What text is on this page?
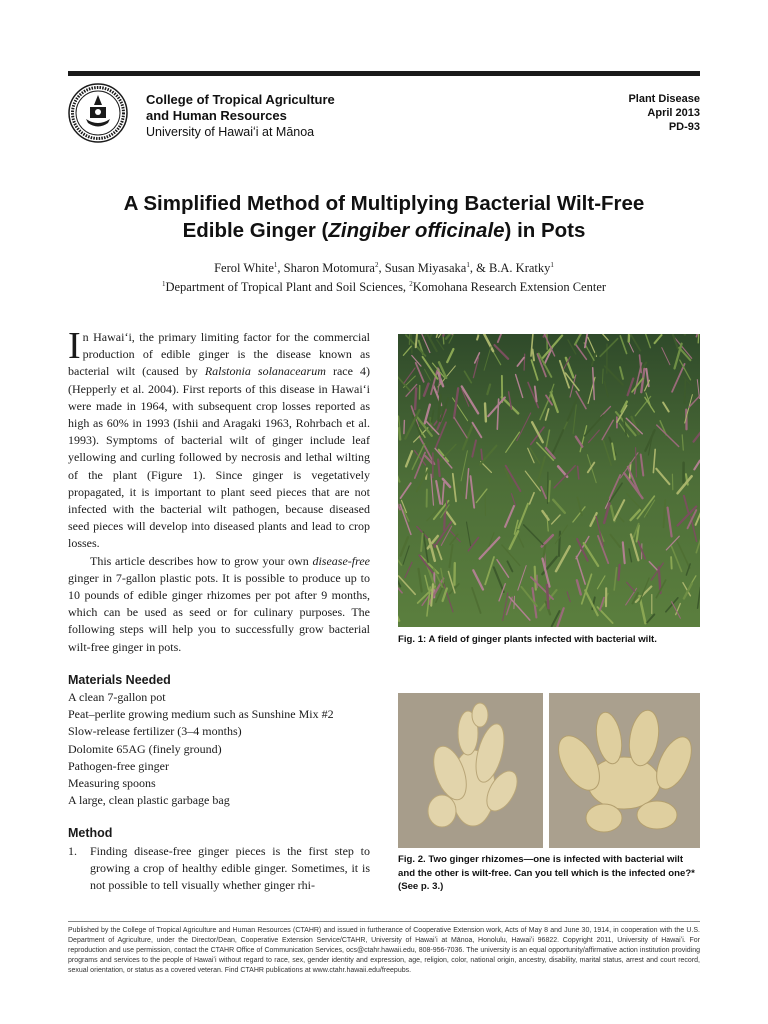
College of Tropical Agriculture
and Human Resources
University of Hawaiʻi at Mānoa
Plant Disease
April 2013
PD-93
A Simplified Method of Multiplying Bacterial Wilt-Free
Edible Ginger (Zingiber officinale) in Pots
Ferol White$^1$, Sharon Motomura$^2$, Susan Miyasaka$^1$, & B.A. Kratky$^1$
$^1$Department of Tropical Plant and Soil Sciences, $^2$Komohana Research Extension Center

In Hawaiʻi, the primary limiting factor for the commercial production of edible ginger is the disease known as bacterial wilt (caused by Ralstonia solanacearum race 4) (Hepperly et al. 2004). First reports of this disease in Hawaiʻi were made in 1964, with subsequent crop losses reported as high as 60% in 1993 (Ishii and Aragaki 1963, Rohrbach et al. 1993). Symptoms of bacterial wilt of ginger include leaf yellowing and curling followed by necrosis and lethal wilting of the plant (Figure 1). Since ginger is vegetatively propagated, it is important to plant seed pieces that are not infected with the bacterial wilt pathogen, because diseased seed pieces will develop into diseased plants and lead to crop losses.

This article describes how to grow your own disease-free ginger in 7-gallon plastic pots. It is possible to produce up to 10 pounds of edible ginger rhizomes per pot after 9 months, which can be used as seed or for culinary purposes. The following steps will help you to successfully grow bacterial wilt-free ginger in pots.

Materials Needed
A clean 7-gallon pot
Peat–perlite growing medium such as Sunshine Mix #2
Slow-release fertilizer (3–4 months)
Dolomite 65AG (finely ground)
Pathogen-free ginger
Measuring spoons
A large, clean plastic garbage bag
Method
1. Finding disease-free ginger pieces is the first step to growing a crop of healthy edible ginger. Sometimes, it is not possible to tell visually whether ginger rhi-
Fig. 1: A field of ginger plants infected with bacterial wilt.
Fig. 2. Two ginger rhizomes—one is infected with bacterial wilt and the other is wilt-free. Can you tell which is the infected one?* (See p. 3.)
Published by the College of Tropical Agriculture and Human Resources (CTAHR) and issued in furtherance of Cooperative Extension work, Acts of May 8 and June 30, 1914, in cooperation with the U.S. Department of Agriculture, under the Director/Dean, Cooperative Extension Service/CTAHR, University of Hawaiʻi at Mānoa, Honolulu, Hawaiʻi 96822. Copyright 2011, University of Hawaiʻi. For reproduction and use permission, contact the CTAHR Office of Communication Services, ocs@ctahr.hawaii.edu, 808-956-7036. The university is an equal opportunity/affirmative action institution providing programs and services to the people of Hawaiʻi without regard to race, sex, gender identity and expression, age, religion, color, national origin, ancestry, disability, marital status, arrest and court record, sexual orientation, or status as a covered veteran. Find CTAHR publications at www.ctahr.hawaii.edu/freepubs.
